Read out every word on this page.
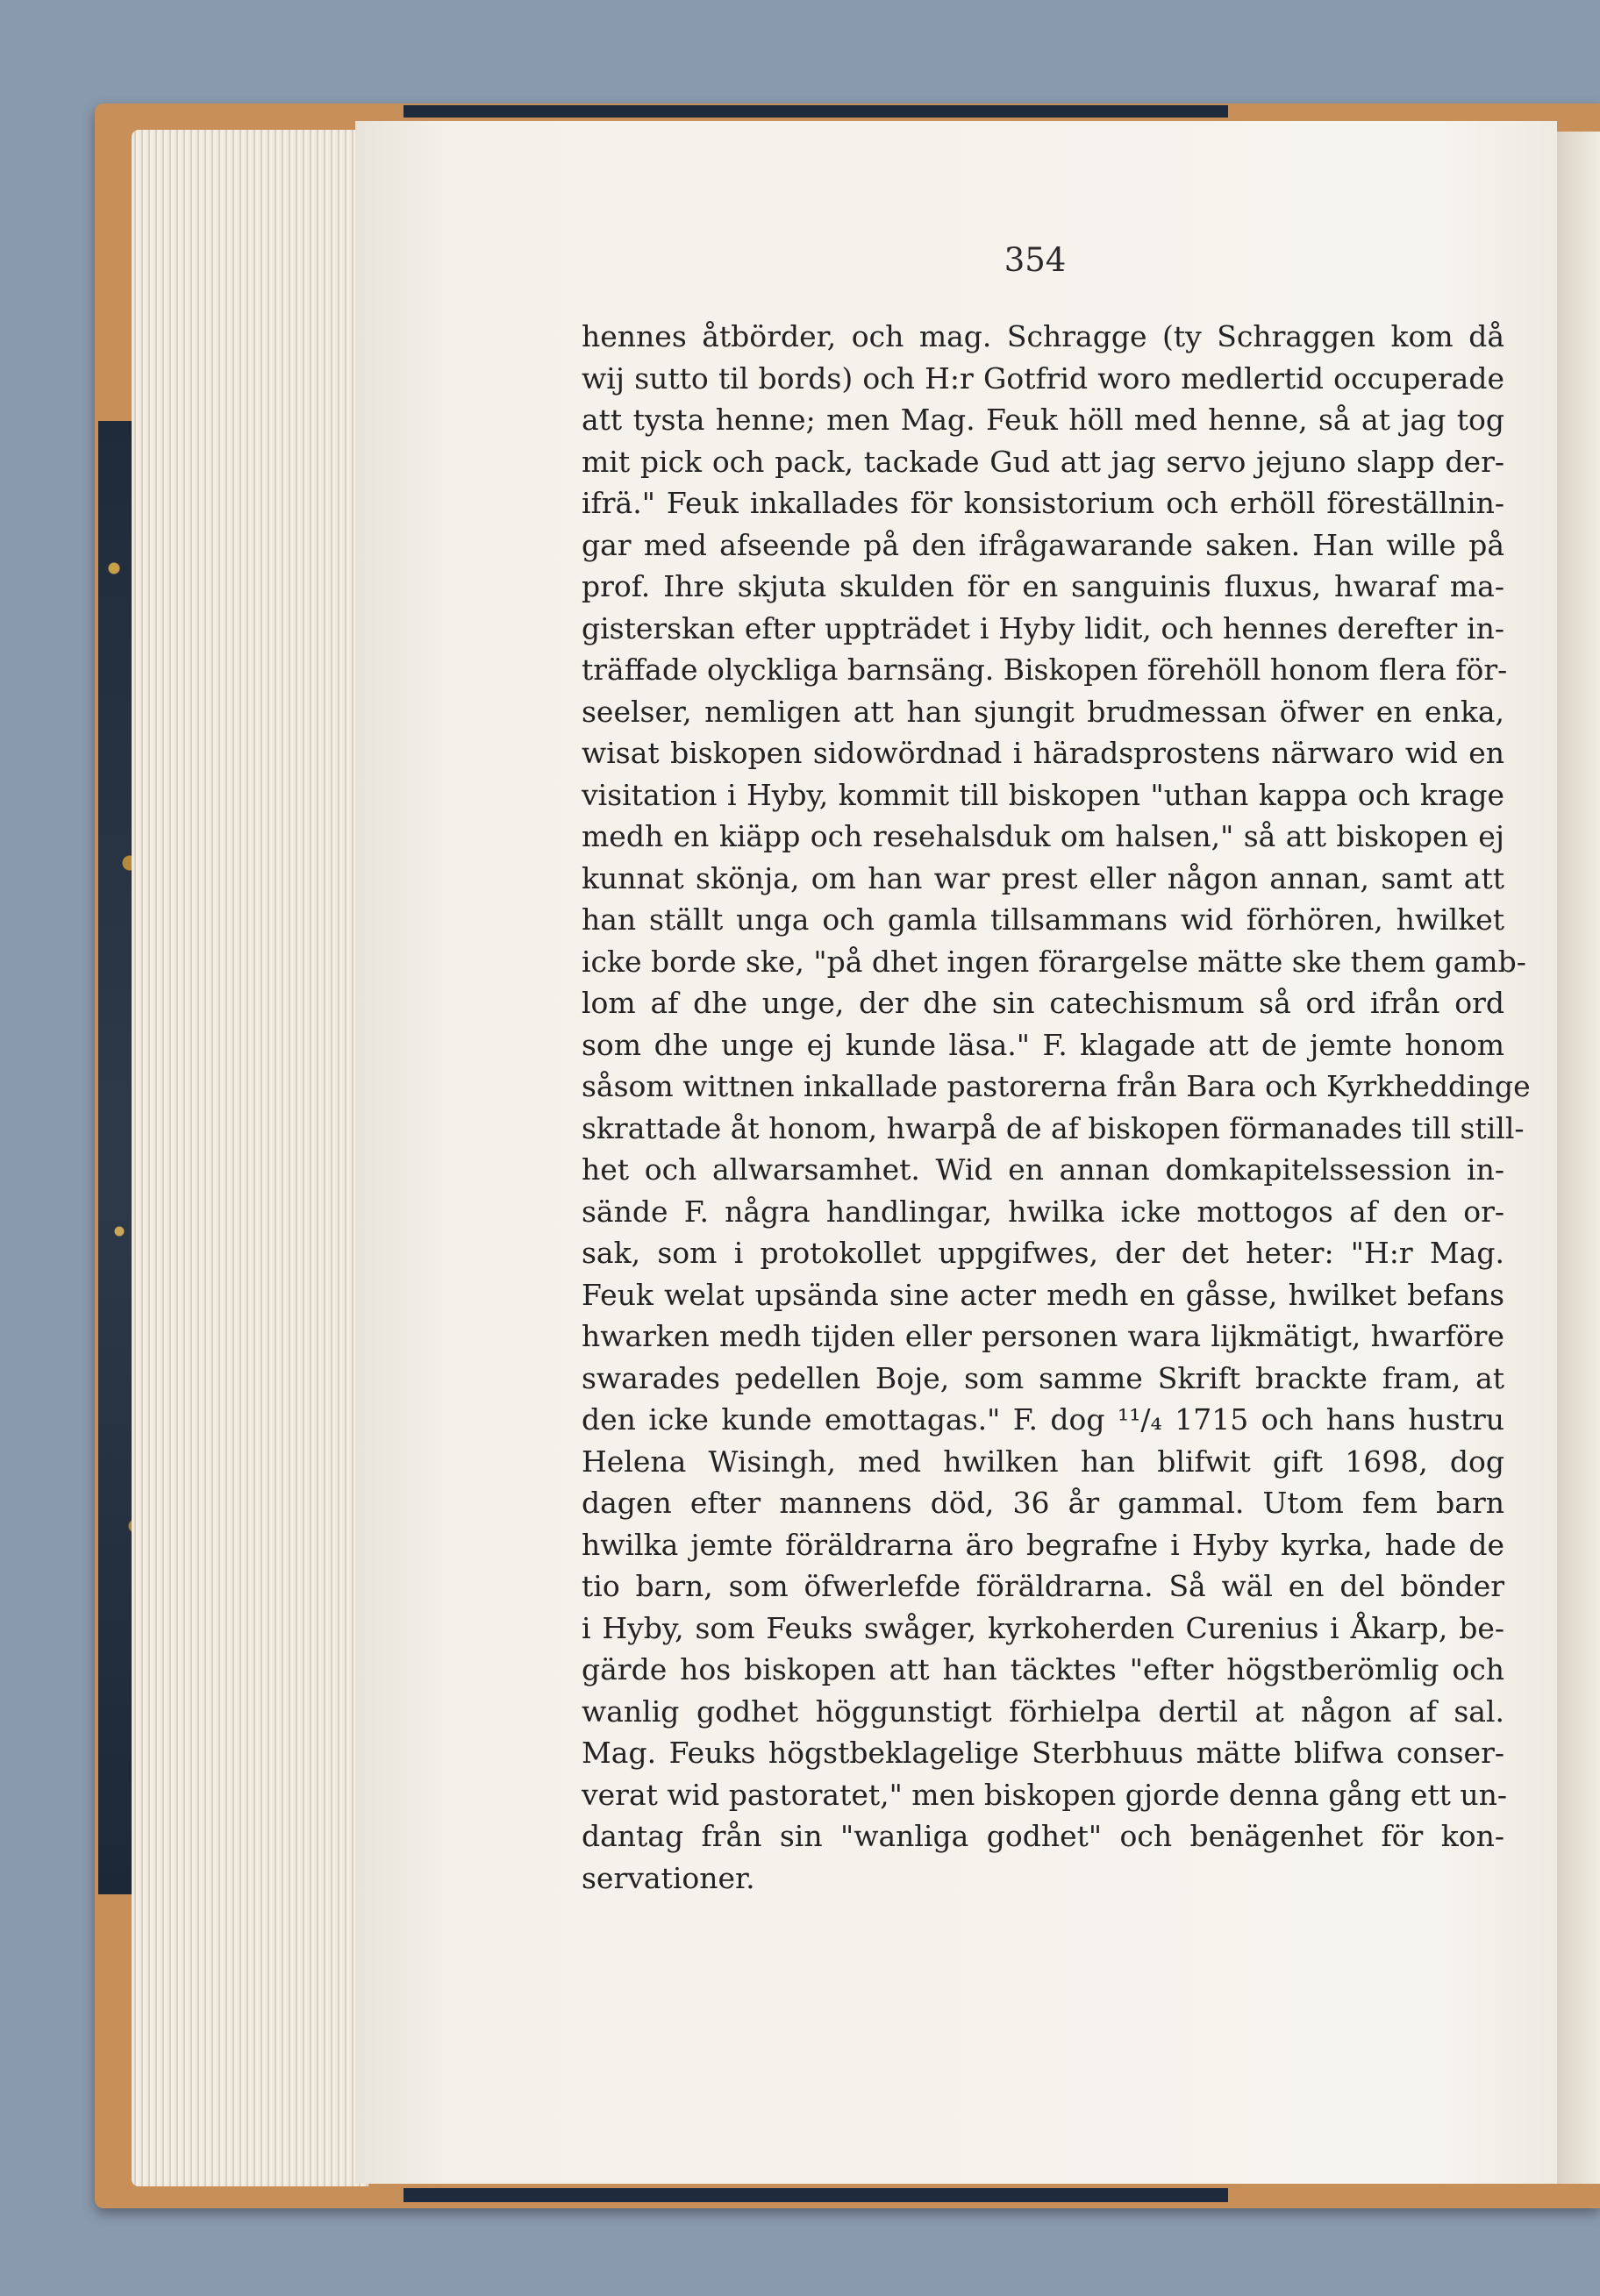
354
hennes åtbörder, och mag. Schragge (ty Schraggen kom då
wij sutto til bords) och H:r Gotfrid woro medlertid occuperade
att tysta henne; men Mag. Feuk höll med henne, så at jag tog
mit pick och pack, tackade Gud att jag servo jejuno slapp der-
ifrä." Feuk inkallades för konsistorium och erhöll föreställnin-
gar med afseende på den ifrågawarande saken. Han wille på
prof. Ihre skjuta skulden för en sanguinis fluxus, hwaraf ma-
gisterskan efter uppträdet i Hyby lidit, och hennes derefter in-
träffade olyckliga barnsäng. Biskopen förehöll honom flera för-
seelser, nemligen att han sjungit brudmessan öfwer en enka,
wisat biskopen sidowördnad i häradsprostens närwaro wid en
visitation i Hyby, kommit till biskopen "uthan kappa och krage
medh en kiäpp och resehalsduk om halsen," så att biskopen ej
kunnat skönja, om han war prest eller någon annan, samt att
han ställt unga och gamla tillsammans wid förhören, hwilket
icke borde ske, "på dhet ingen förargelse mätte ske them gamb-
lom af dhe unge, der dhe sin catechismum så ord ifrån ord
som dhe unge ej kunde läsa." F. klagade att de jemte honom
såsom wittnen inkallade pastorerna från Bara och Kyrkheddinge
skrattade åt honom, hwarpå de af biskopen förmanades till still-
het och allwarsamhet. Wid en annan domkapitelssession in-
sände F. några handlingar, hwilka icke mottogos af den or-
sak, som i protokollet uppgifwes, der det heter: "H:r Mag.
Feuk welat upsända sine acter medh en gåsse, hwilket befans
hwarken medh tijden eller personen wara lijkmätigt, hwarföre
swarades pedellen Boje, som samme Skrift brackte fram, at
den icke kunde emottagas." F. dog ¹¹/₄ 1715 och hans hustru
Helena Wisingh, med hwilken han blifwit gift 1698, dog
dagen efter mannens död, 36 år gammal. Utom fem barn
hwilka jemte föräldrarna äro begrafne i Hyby kyrka, hade de
tio barn, som öfwerlefde föräldrarna. Så wäl en del bönder
i Hyby, som Feuks swåger, kyrkoherden Curenius i Åkarp, be-
gärde hos biskopen att han täcktes "efter högstberömlig och
wanlig godhet höggunstigt förhielpa dertil at någon af sal.
Mag. Feuks högstbeklagelige Sterbhuus mätte blifwa conser-
verat wid pastoratet," men biskopen gjorde denna gång ett un-
dantag från sin "wanliga godhet" och benägenhet för kon-
servationer.
